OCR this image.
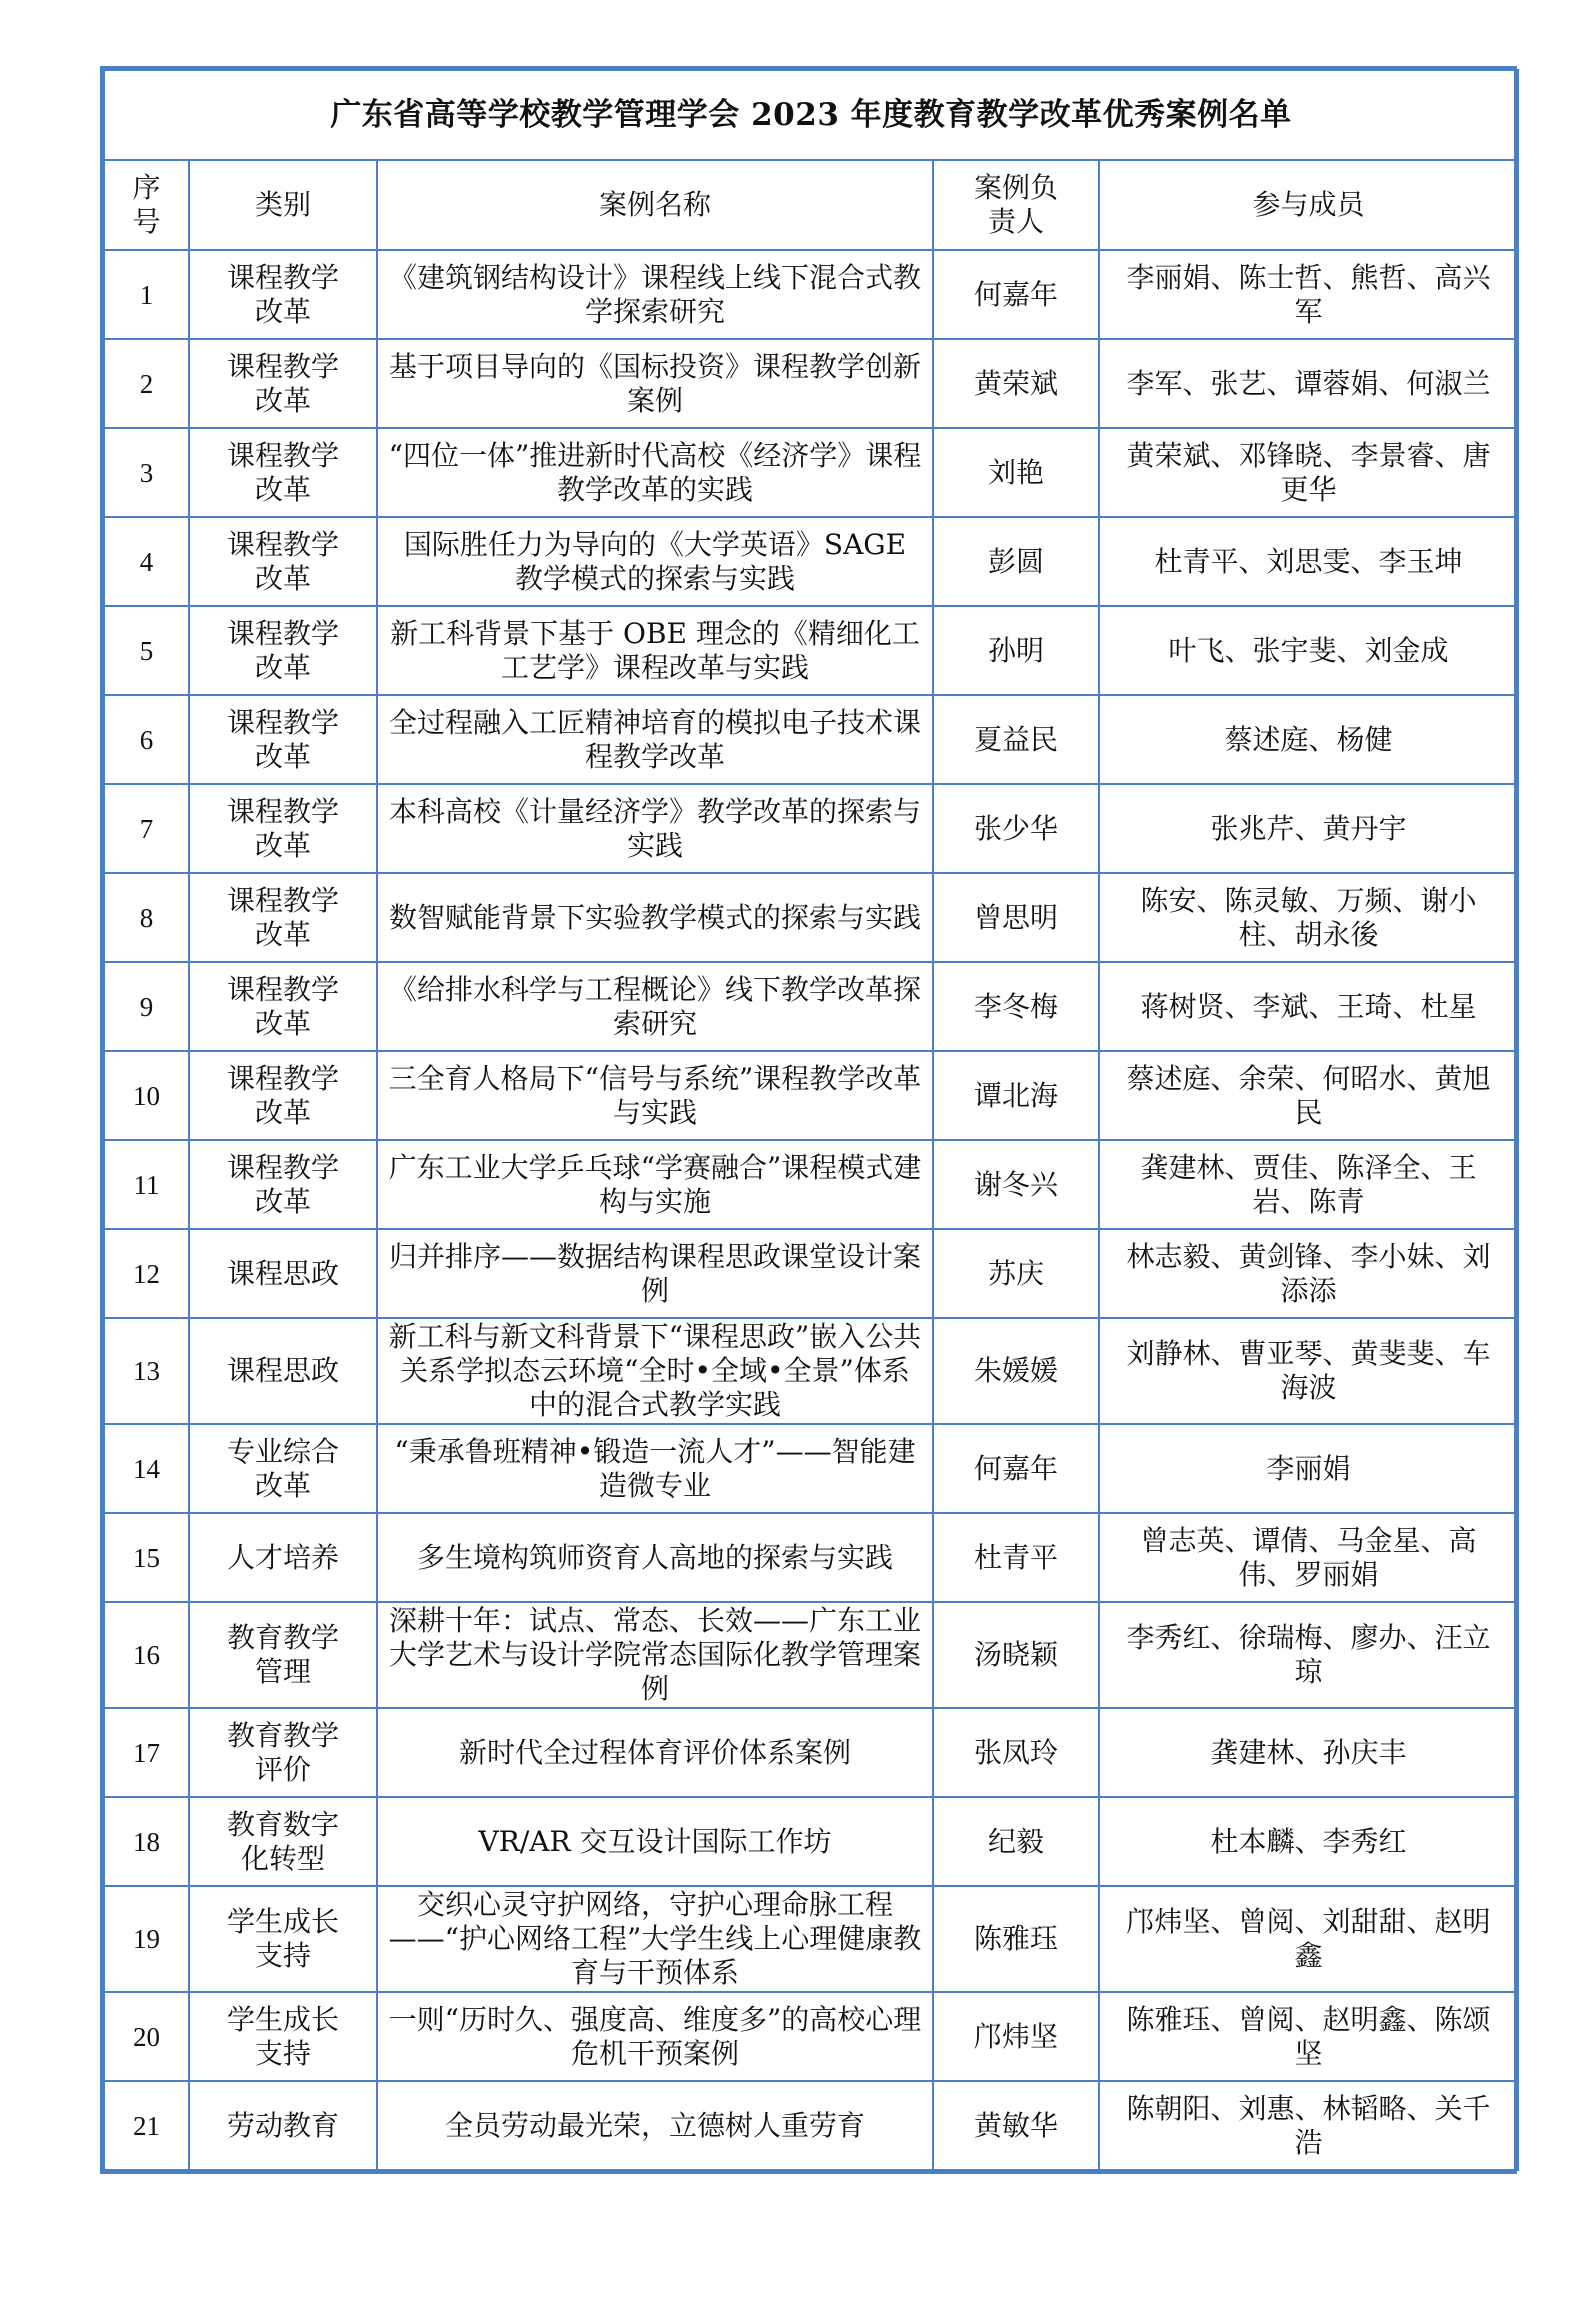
广东省高等学校教学管理学会 2023 年度教育教学改革优秀案例名单				
序号	类别	案例名称	案例负责人	参与成员
1	课程教学改革	《建筑钢结构设计》课程线上线下混合式教学探索研究	何嘉年	李丽娟、陈士哲、熊哲、高兴军
2	课程教学改革	基于项目导向的《国标投资》课程教学创新案例	黄荣斌	李军、张艺、谭蓉娟、何淑兰
3	课程教学改革	“四位一体”推进新时代高校《经济学》课程教学改革的实践	刘艳	黄荣斌、邓锋晓、李景睿、唐更华
4	课程教学改革	国际胜任力为导向的《大学英语》SAGE 教学模式的探索与实践	彭圆	杜青平、刘思雯、李玉坤
5	课程教学改革	新工科背景下基于 OBE 理念的《精细化工工艺学》课程改革与实践	孙明	叶飞、张宇斐、刘金成
6	课程教学改革	全过程融入工匠精神培育的模拟电子技术课程教学改革	夏益民	蔡述庭、杨健
7	课程教学改革	本科高校《计量经济学》教学改革的探索与实践	张少华	张兆芹、黄丹宇
8	课程教学改革	数智赋能背景下实验教学模式的探索与实践	曾思明	陈安、陈灵敏、万频、谢小柱、胡永後
9	课程教学改革	《给排水科学与工程概论》线下教学改革探索研究	李冬梅	蒋树贤、李斌、王琦、杜星
10	课程教学改革	三全育人格局下“信号与系统”课程教学改革与实践	谭北海	蔡述庭、余荣、何昭水、黄旭民
11	课程教学改革	广东工业大学乒乓球“学赛融合”课程模式建构与实施	谢冬兴	龚建林、贾佳、陈泽全、王岩、陈青
12	课程思政	归并排序——数据结构课程思政课堂设计案例	苏庆	林志毅、黄剑锋、李小妹、刘添添
13	课程思政	新工科与新文科背景下“课程思政”嵌入公共关系学拟态云环境“全时•全域•全景”体系中的混合式教学实践	朱媛媛	刘静林、曹亚琴、黄斐斐、车海波
14	专业综合改革	“秉承鲁班精神•锻造一流人才”——智能建造微专业	何嘉年	李丽娟
15	人才培养	多生境构筑师资育人高地的探索与实践	杜青平	曾志英、谭倩、马金星、高伟、罗丽娟
16	教育教学管理	深耕十年：试点、常态、长效——广东工业大学艺术与设计学院常态国际化教学管理案例	汤晓颖	李秀红、徐瑞梅、廖办、汪立琼
17	教育教学评价	新时代全过程体育评价体系案例	张凤玲	龚建林、孙庆丰
18	教育数字化转型	VR/AR 交互设计国际工作坊	纪毅	杜本麟、李秀红
19	学生成长支持	交织心灵守护网络，守护心理命脉工程——“护心网络工程”大学生线上心理健康教育与干预体系	陈雅珏	邝炜坚、曾阅、刘甜甜、赵明鑫
20	学生成长支持	一则“历时久、强度高、维度多”的高校心理危机干预案例	邝炜坚	陈雅珏、曾阅、赵明鑫、陈颂坚
21	劳动教育	全员劳动最光荣，立德树人重劳育	黄敏华	陈朝阳、刘惠、林韬略、关千浩
